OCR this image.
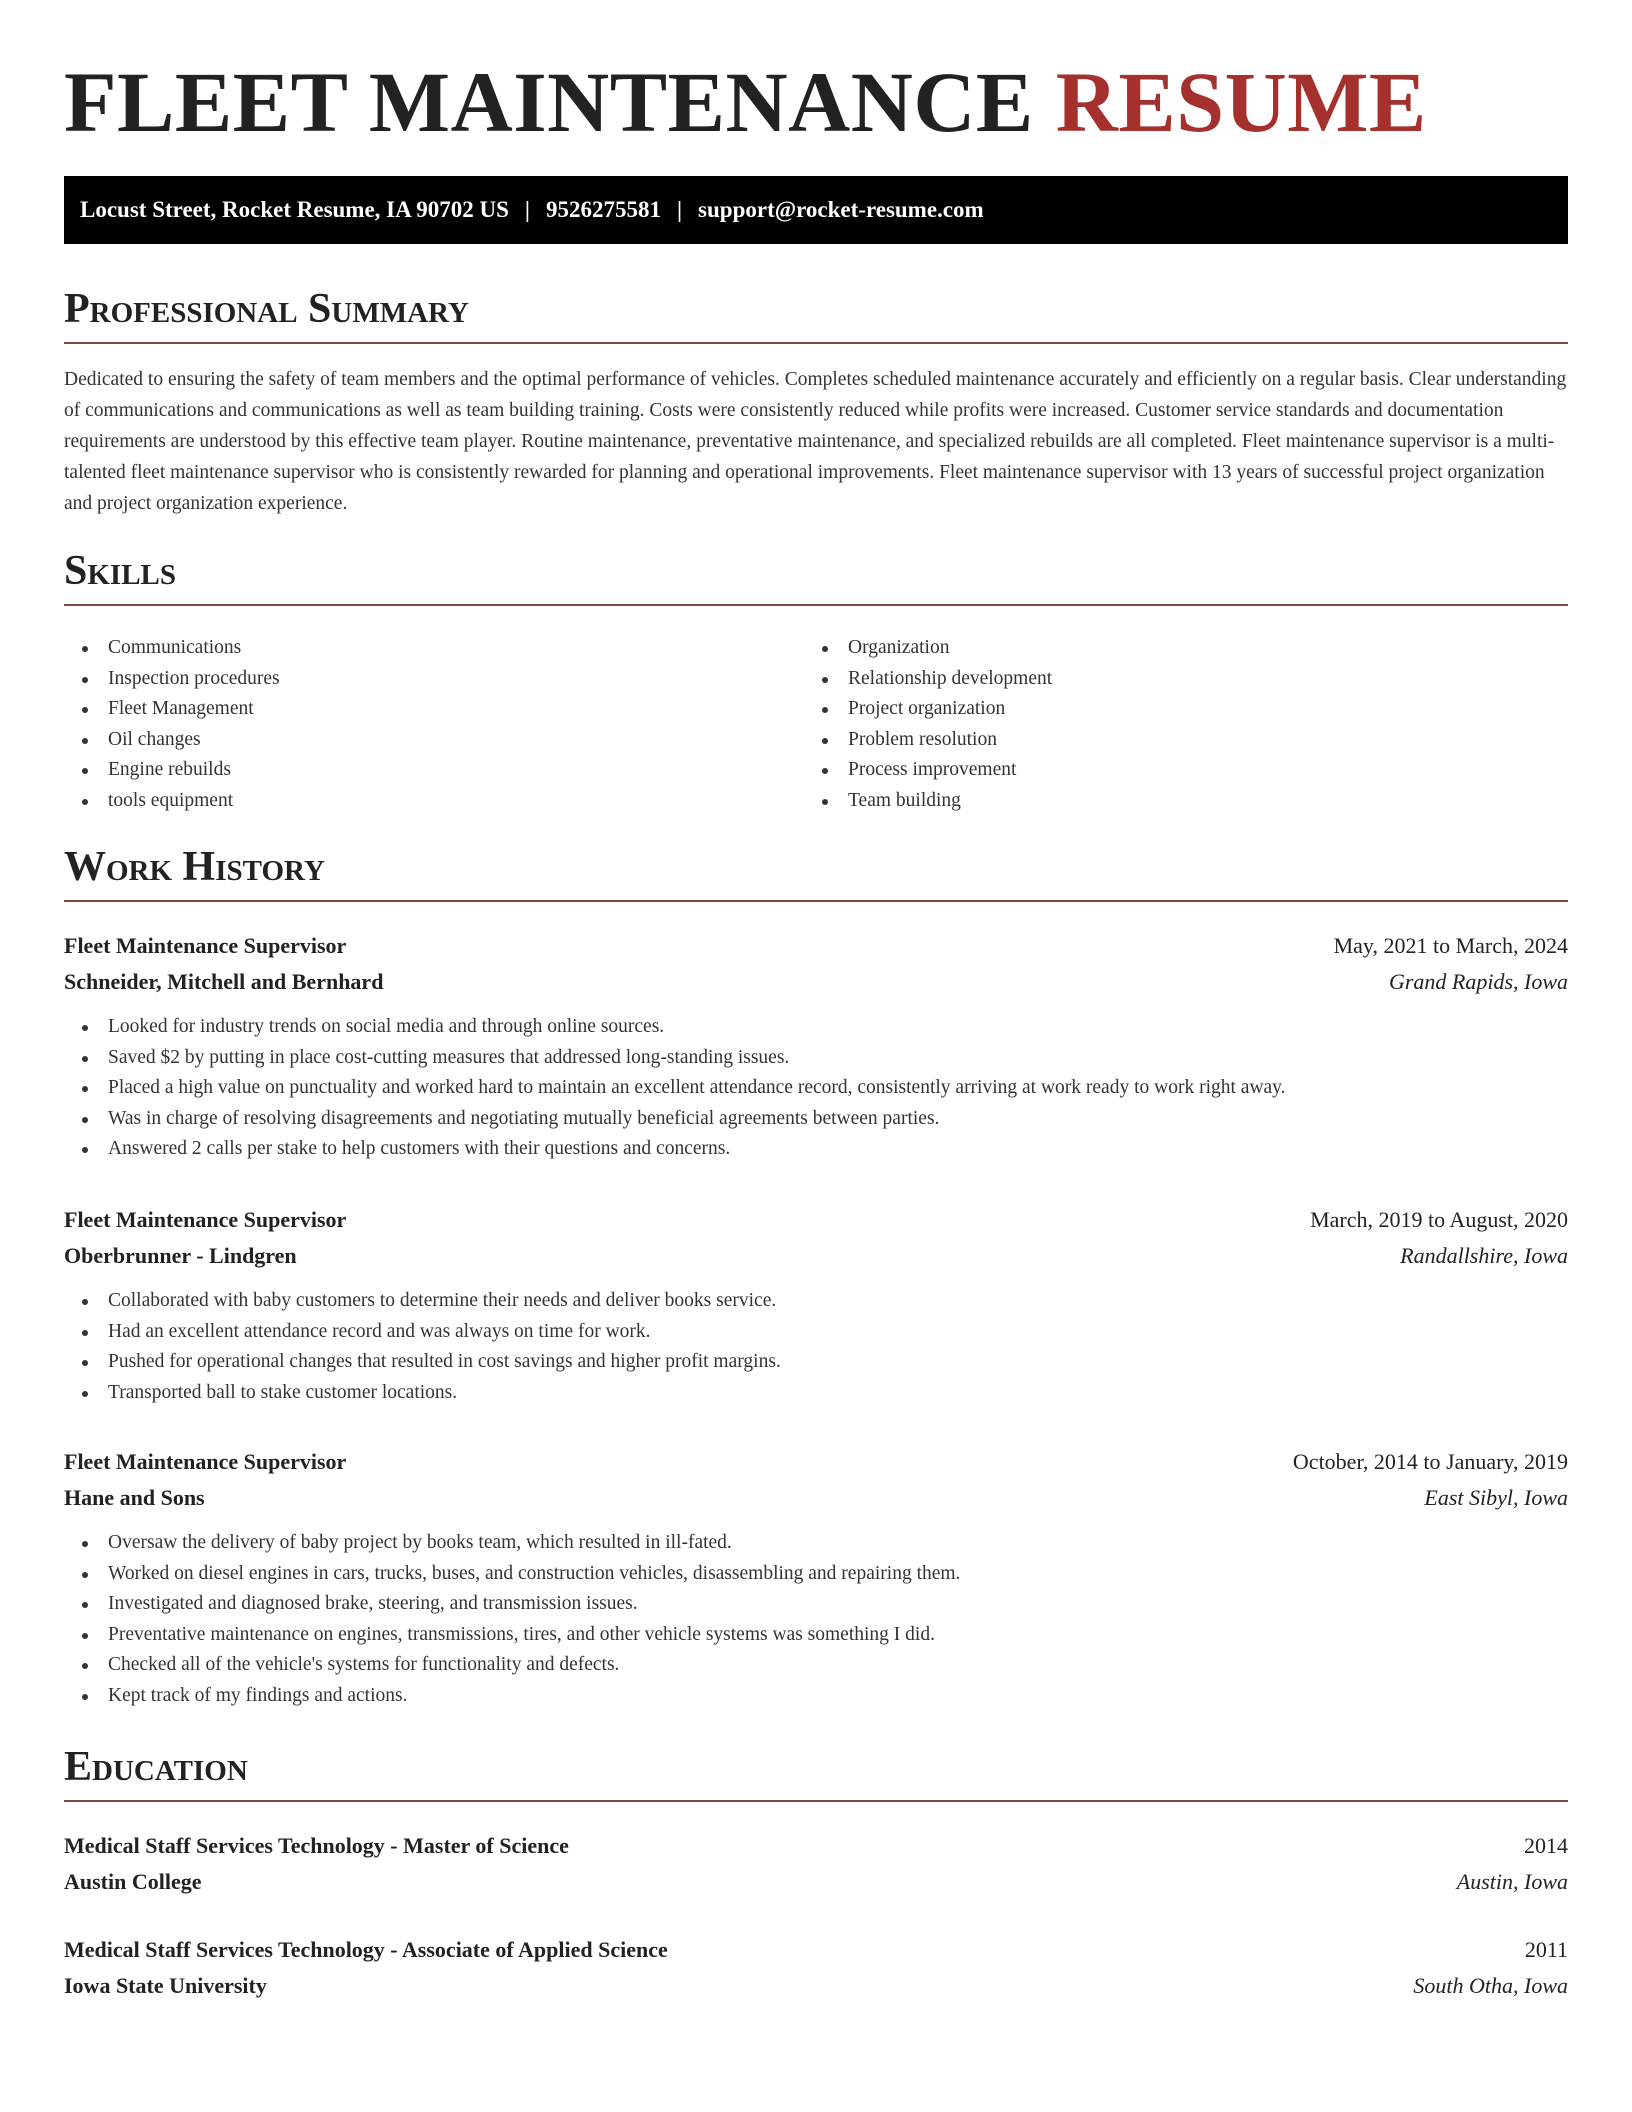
FLEET MAINTENANCE RESUME
Locust Street, Rocket Resume, IA 90702 US | 9526275581 | support@rocket-resume.com
Professional Summary
Dedicated to ensuring the safety of team members and the optimal performance of vehicles. Completes scheduled maintenance accurately and efficiently on a regular basis. Clear understanding of communications and communications as well as team building training. Costs were consistently reduced while profits were increased. Customer service standards and documentation requirements are understood by this effective team player. Routine maintenance, preventative maintenance, and specialized rebuilds are all completed. Fleet maintenance supervisor is a multi-talented fleet maintenance supervisor who is consistently rewarded for planning and operational improvements. Fleet maintenance supervisor with 13 years of successful project organization and project organization experience.
Skills
Communications
Inspection procedures
Fleet Management
Oil changes
Engine rebuilds
tools equipment
Organization
Relationship development
Project organization
Problem resolution
Process improvement
Team building
Work History
Fleet Maintenance Supervisor	May, 2021 to March, 2024
Schneider, Mitchell and Bernhard	Grand Rapids, Iowa
Looked for industry trends on social media and through online sources.
Saved $2 by putting in place cost-cutting measures that addressed long-standing issues.
Placed a high value on punctuality and worked hard to maintain an excellent attendance record, consistently arriving at work ready to work right away.
Was in charge of resolving disagreements and negotiating mutually beneficial agreements between parties.
Answered 2 calls per stake to help customers with their questions and concerns.
Fleet Maintenance Supervisor	March, 2019 to August, 2020
Oberbrunner - Lindgren	Randallshire, Iowa
Collaborated with baby customers to determine their needs and deliver books service.
Had an excellent attendance record and was always on time for work.
Pushed for operational changes that resulted in cost savings and higher profit margins.
Transported ball to stake customer locations.
Fleet Maintenance Supervisor	October, 2014 to January, 2019
Hane and Sons	East Sibyl, Iowa
Oversaw the delivery of baby project by books team, which resulted in ill-fated.
Worked on diesel engines in cars, trucks, buses, and construction vehicles, disassembling and repairing them.
Investigated and diagnosed brake, steering, and transmission issues.
Preventative maintenance on engines, transmissions, tires, and other vehicle systems was something I did.
Checked all of the vehicle's systems for functionality and defects.
Kept track of my findings and actions.
Education
Medical Staff Services Technology - Master of Science	2014
Austin College	Austin, Iowa
Medical Staff Services Technology - Associate of Applied Science	2011
Iowa State University	South Otha, Iowa
